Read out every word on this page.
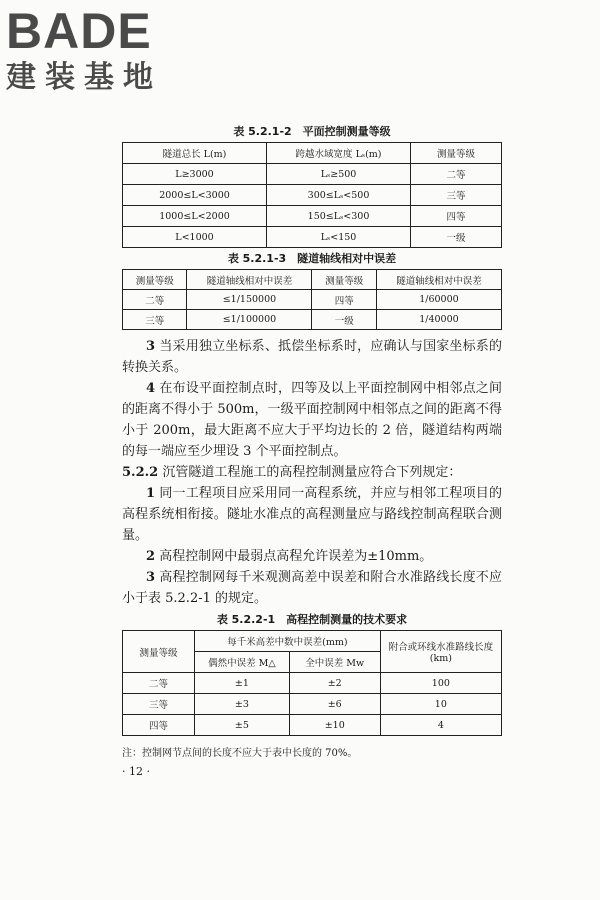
BADE
建装基地
表 5.2.1-2　平面控制测量等级
隧道总长 L(m)	跨越水域宽度 Lₛ(m)	测量等级
L≥3000	Lₛ≥500	二等
2000≤L<3000	300≤Lₛ<500	三等
1000≤L<2000	150≤Lₛ<300	四等
L<1000	Lₛ<150	一级
表 5.2.1-3　隧道轴线相对中误差
测量等级	隧道轴线相对中误差	测量等级	隧道轴线相对中误差
二等	≤1/150000	四等	1/60000
三等	≤1/100000	一级	1/40000

3 当采用独立坐标系、抵偿坐标系时，应确认与国家坐标系的转换关系。

4 在布设平面控制点时，四等及以上平面控制网中相邻点之间的距离不得小于 500m，一级平面控制网中相邻点之间的距离不得小于 200m，最大距离不应大于平均边长的 2 倍，隧道结构两端的每一端应至少埋设 3 个平面控制点。

5.2.2 沉管隧道工程施工的高程控制测量应符合下列规定：

1 同一工程项目应采用同一高程系统，并应与相邻工程项目的高程系统相衔接。隧址水准点的高程测量应与路线控制高程联合测量。

2 高程控制网中最弱点高程允许误差为±10mm。

3 高程控制网每千米观测高差中误差和附合水准路线长度不应小于表 5.2.2-1 的规定。

表 5.2.2-1　高程控制测量的技术要求
测量等级	每千米高差中数中误差(mm)		附合或环线水准路线长度(km)
	偶然中误差 M△	全中误差 Mw	
二等	±1	±2	100
三等	±3	±6	10
四等	±5	±10	4
注：控制网节点间的长度不应大于表中长度的 70%。
· 12 ·
